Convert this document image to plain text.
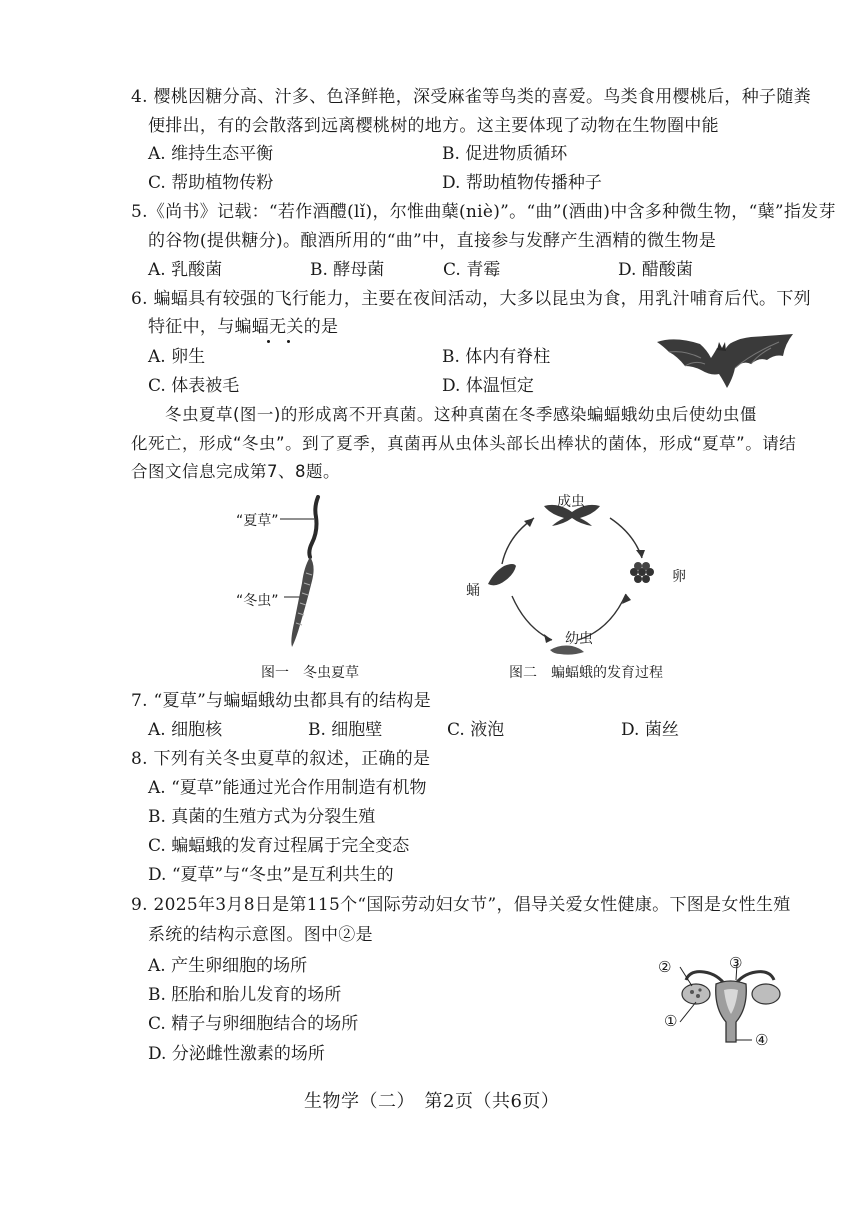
4. 樱桃因糖分高、汁多、色泽鲜艳，深受麻雀等鸟类的喜爱。鸟类食用樱桃后，种子随粪
便排出，有的会散落到远离樱桃树的地方。这主要体现了动物在生物圈中能
A. 维持生态平衡	B. 促进物质循环
C. 帮助植物传粉	D. 帮助植物传播种子
5.《尚书》记载：“若作酒醴(lǐ)，尔惟曲蘖(niè)”。“曲”(酒曲)中含多种微生物，“蘖”指发芽
的谷物(提供糖分)。酿酒所用的“曲”中，直接参与发酵产生酒精的微生物是
A. 乳酸菌	B. 酵母菌	C. 青霉	D. 醋酸菌
6. 蝙蝠具有较强的飞行能力，主要在夜间活动，大多以昆虫为食，用乳汁哺育后代。下列
特征中，与蝙蝠无关的是
A. 卵生	B. 体内有脊柱
C. 体表被毛	D. 体温恒定
冬虫夏草(图一)的形成离不开真菌。这种真菌在冬季感染蝙蝠蛾幼虫后使幼虫僵
化死亡，形成“冬虫”。到了夏季，真菌再从虫体头部长出棒状的菌体，形成“夏草”。请结
合图文信息完成第7、8题。
“夏草”
“冬虫”
图一　冬虫夏草
成虫
卵
幼虫
蛹
图二　蝙蝠蛾的发育过程
7. “夏草”与蝙蝠蛾幼虫都具有的结构是
A. 细胞核	B. 细胞壁	C. 液泡	D. 菌丝
8. 下列有关冬虫夏草的叙述，正确的是
A. “夏草”能通过光合作用制造有机物
B. 真菌的生殖方式为分裂生殖
C. 蝙蝠蛾的发育过程属于完全变态
D. “夏草”与“冬虫”是互利共生的
9. 2025年3月8日是第115个“国际劳动妇女节”，倡导关爱女性健康。下图是女性生殖
系统的结构示意图。图中②是
A. 产生卵细胞的场所
B. 胚胎和胎儿发育的场所
C. 精子与卵细胞结合的场所
D. 分泌雌性激素的场所
②	③
①
④
生物学（二）　第2页（共6页）
